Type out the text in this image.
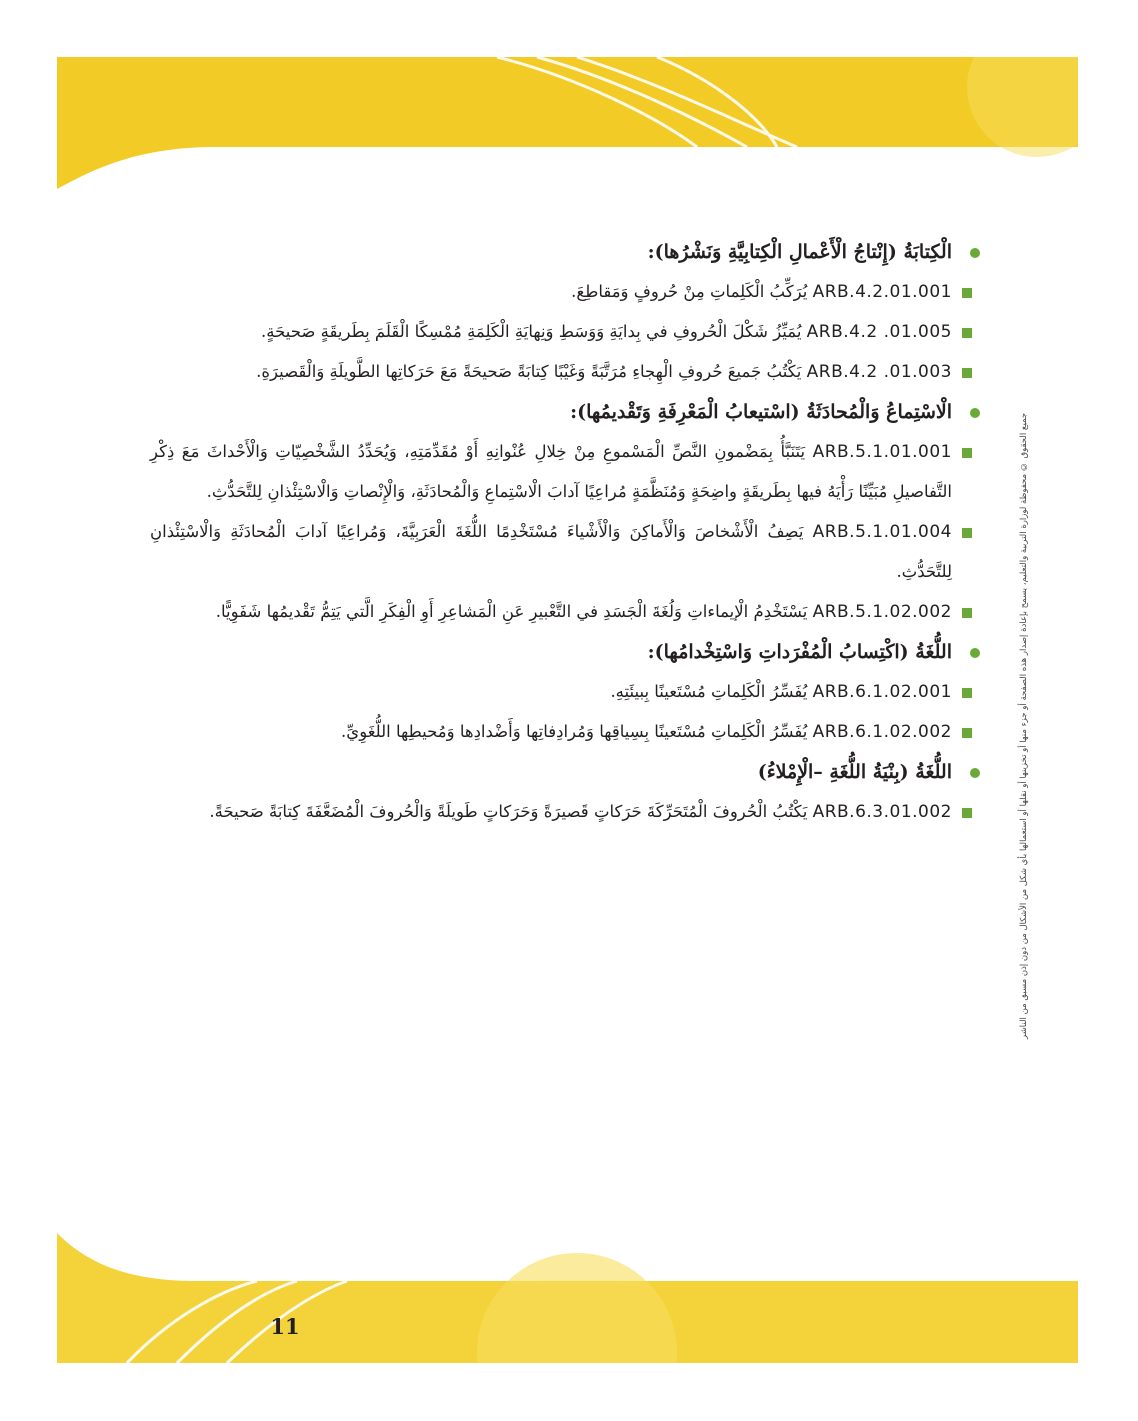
11
جميع الحقوق © محفوظة لوزارة التربية والتعليم، يسمح بإعادة إصدار هذه الصفحة أو جزء منها أو تخزينها أو نقلها أو استعمالها بأي شكل من الأشكال من دون إذن مسبق من الناشر
الْكِتابَةُ (إِنْتاجُ الْأَعْمالِ الْكِتابِيَّةِ وَنَشْرُها):
ARB.4.2.01.001 يُرَكِّبُ الْكَلِماتِ مِنْ حُروفٍ وَمَقاطِعَ.
ARB.4.2 .01.005 يُمَيِّزُ شَكْلَ الْحُروفِ في بِدايَةِ وَوَسَطِ وَنِهايَةِ الْكَلِمَةِ مُمْسِكًا الْقَلَمَ بِطَريقَةٍ صَحيحَةٍ.
ARB.4.2 .01.003 يَكْتُبُ جَميعَ حُروفِ الْهِجاءِ مُرَتَّبَةً وَغَيْبًا كِتابَةً صَحيحَةً مَعَ حَرَكاتِها الطَّويلَةِ وَالْقَصيرَةِ.
الْاسْتِماعُ وَالْمُحادَثَةُ (اسْتيعابُ الْمَعْرِفَةِ وَتَقْديمُها):
ARB.5.1.01.001 يَتَنَبَّأُ بِمَضْمونِ النَّصِّ الْمَسْموعِ مِنْ خِلالِ عُنْوانِهِ أَوْ مُقَدِّمَتِهِ، وَيُحَدِّدُ الشَّخْصِيّاتِ وَالْأَحْداثَ مَعَ ذِكْرِ التَّفاصيلِ مُبَيِّنًا رَأْيَهُ فيها بِطَريقَةٍ واضِحَةٍ وَمُنَظَّمَةٍ مُراعِيًا آدابَ الْاسْتِماعِ وَالْمُحادَثَةِ، وَالْإِنْصاتِ وَالْاسْتِئْذانِ لِلتَّحَدُّثِ.
ARB.5.1.01.004 يَصِفُ الْأَشْخاصَ وَالْأَماكِنَ وَالْأَشْياءَ مُسْتَخْدِمًا اللُّغَةَ الْعَرَبِيَّةَ، وَمُراعِيًا آدابَ الْمُحادَثَةِ وَالْاسْتِئْذانِ لِلتَّحَدُّثِ.
ARB.5.1.02.002 يَسْتَخْدِمُ الْإيماءاتِ وَلُغَةَ الْجَسَدِ في التَّعْبيرِ عَنِ الْمَشاعِرِ أَوِ الْفِكَرِ الَّتي يَتِمُّ تَقْديمُها شَفَوِيًّا.
اللُّغَةُ (اكْتِسابُ الْمُفْرَداتِ وَاسْتِخْدامُها):
ARB.6.1.02.001 يُفَسِّرُ الْكَلِماتِ مُسْتَعينًا بِبيئَتِهِ.
ARB.6.1.02.002 يُفَسِّرُ الْكَلِماتِ مُسْتَعينًا بِسِياقِها وَمُرادِفاتِها وَأَضْدادِها وَمُحيطِها اللُّغَوِيِّ.
اللُّغَةُ (بِنْيَةُ اللُّغَةِ –الْإِمْلاءُ)
ARB.6.3.01.002 يَكْتُبُ الْحُروفَ الْمُتَحَرِّكَةَ حَرَكاتٍ قَصيرَةً وَحَرَكاتٍ طَويلَةً وَالْحُروفَ الْمُضَعَّفَةَ كِتابَةً صَحيحَةً.
